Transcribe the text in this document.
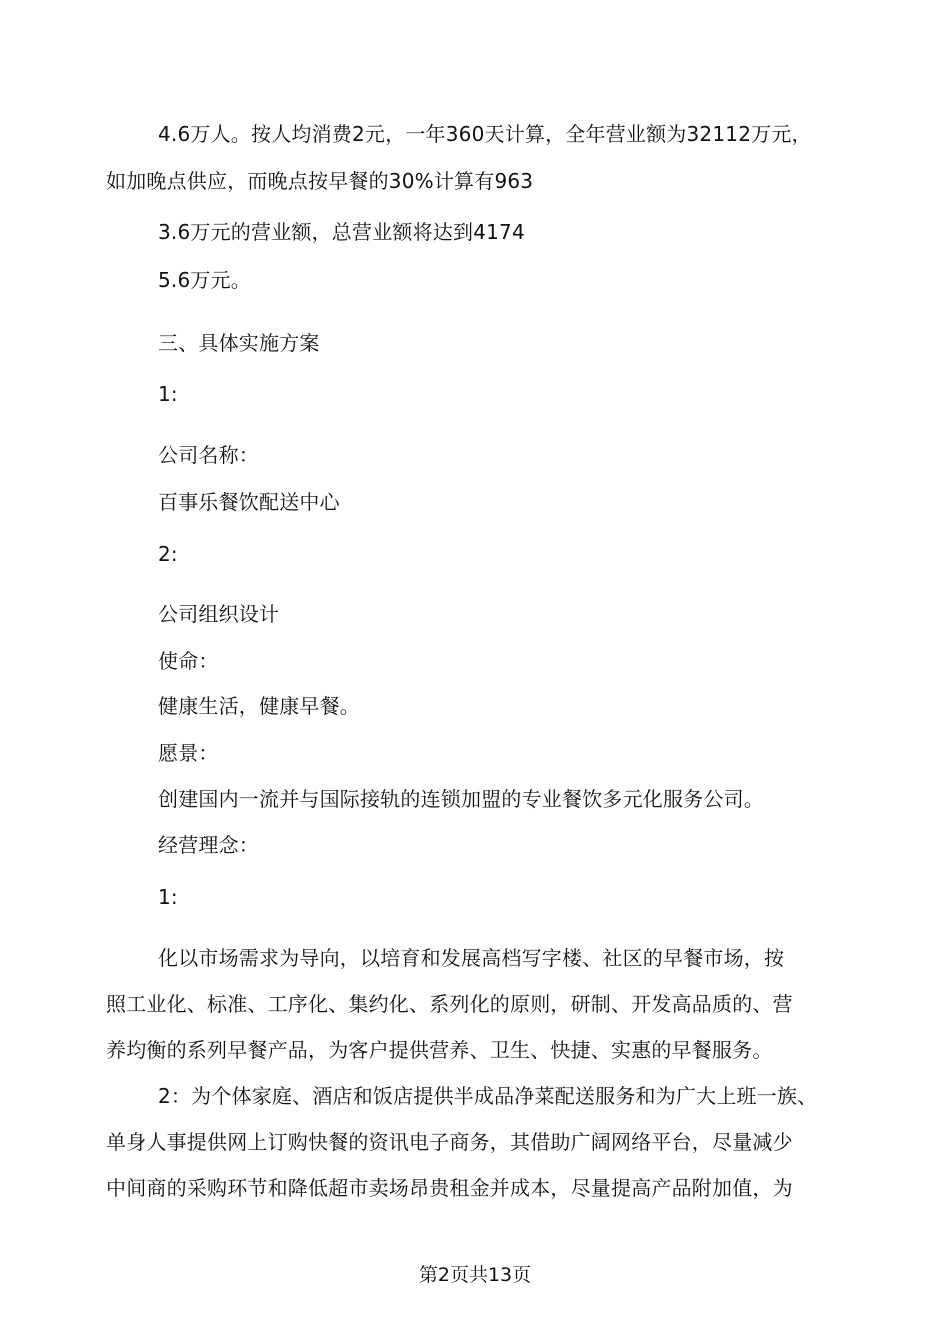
4.6万人。按人均消费2元，一年360天计算，全年营业额为32112万元，
如加晚点供应，而晚点按早餐的30%计算有963
3.6万元的营业额，总营业额将达到4174
5.6万元。
三、具体实施方案
1:
公司名称：
百事乐餐饮配送中心
2:
公司组织设计
使命：
健康生活，健康早餐。
愿景：
创建国内一流并与国际接轨的连锁加盟的专业餐饮多元化服务公司。
经营理念：
1:
化以市场需求为导向，以培育和发展高档写字楼、社区的早餐市场，按
照工业化、标准、工序化、集约化、系列化的原则，研制、开发高品质的、营
养均衡的系列早餐产品，为客户提供营养、卫生、快捷、实惠的早餐服务。
2：为个体家庭、酒店和饭店提供半成品净菜配送服务和为广大上班一族、
单身人事提供网上订购快餐的资讯电子商务，其借助广阔网络平台，尽量减少
中间商的采购环节和降低超市卖场昂贵租金并成本，尽量提高产品附加值，为
第2页共13页
